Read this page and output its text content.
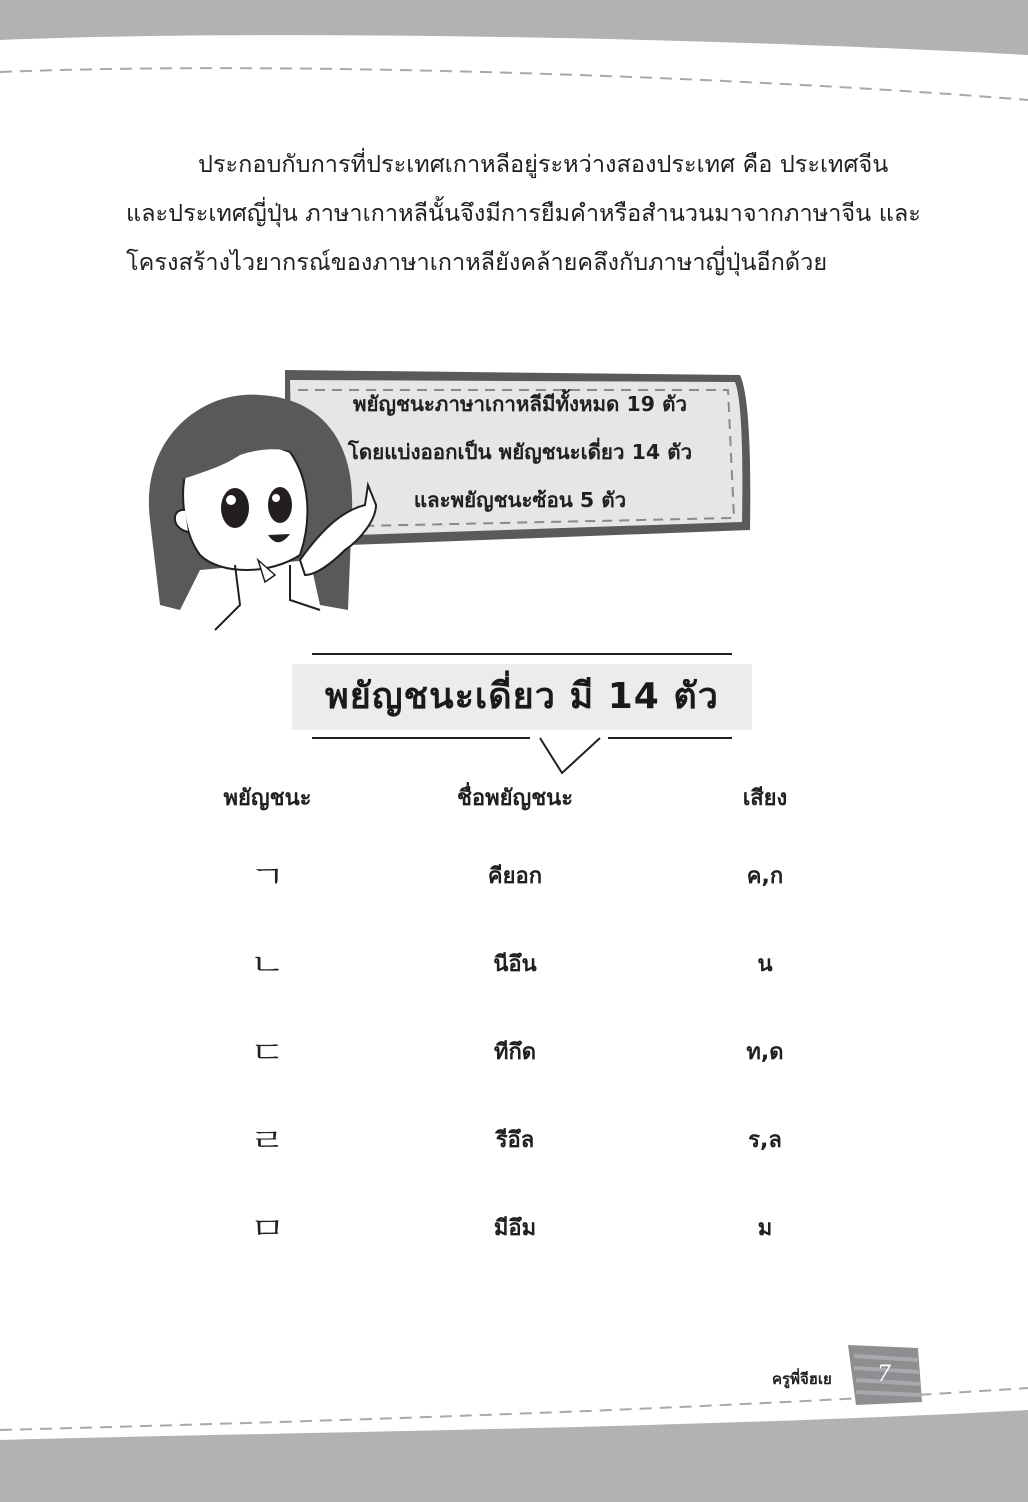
ประกอบกับการที่ประเทศเกาหลีอยู่ระหว่างสองประเทศ คือ ประเทศจีน
และประเทศญี่ปุ่น ภาษาเกาหลีนั้นจึงมีการยืมคำหรือสำนวนมาจากภาษาจีน และ
โครงสร้างไวยากรณ์ของภาษาเกาหลียังคล้ายคลึงกับภาษาญี่ปุ่นอีกด้วย
พยัญชนะภาษาเกาหลีมีทั้งหมด 19 ตัว
โดยแบ่งออกเป็น พยัญชนะเดี่ยว 14 ตัว
และพยัญชนะซ้อน 5 ตัว
พยัญชนะเดี่ยว มี 14 ตัว
พยัญชนะ	ชื่อพยัญชนะ	เสียง
ㄱ	คียอก	ค,ก
ㄴ	นีอึน	น
ㄷ	ทีกึด	ท,ด
ㄹ	รีอึล	ร,ล
ㅁ	มีอึม	ม
ครูพี่จีฮเย	7
